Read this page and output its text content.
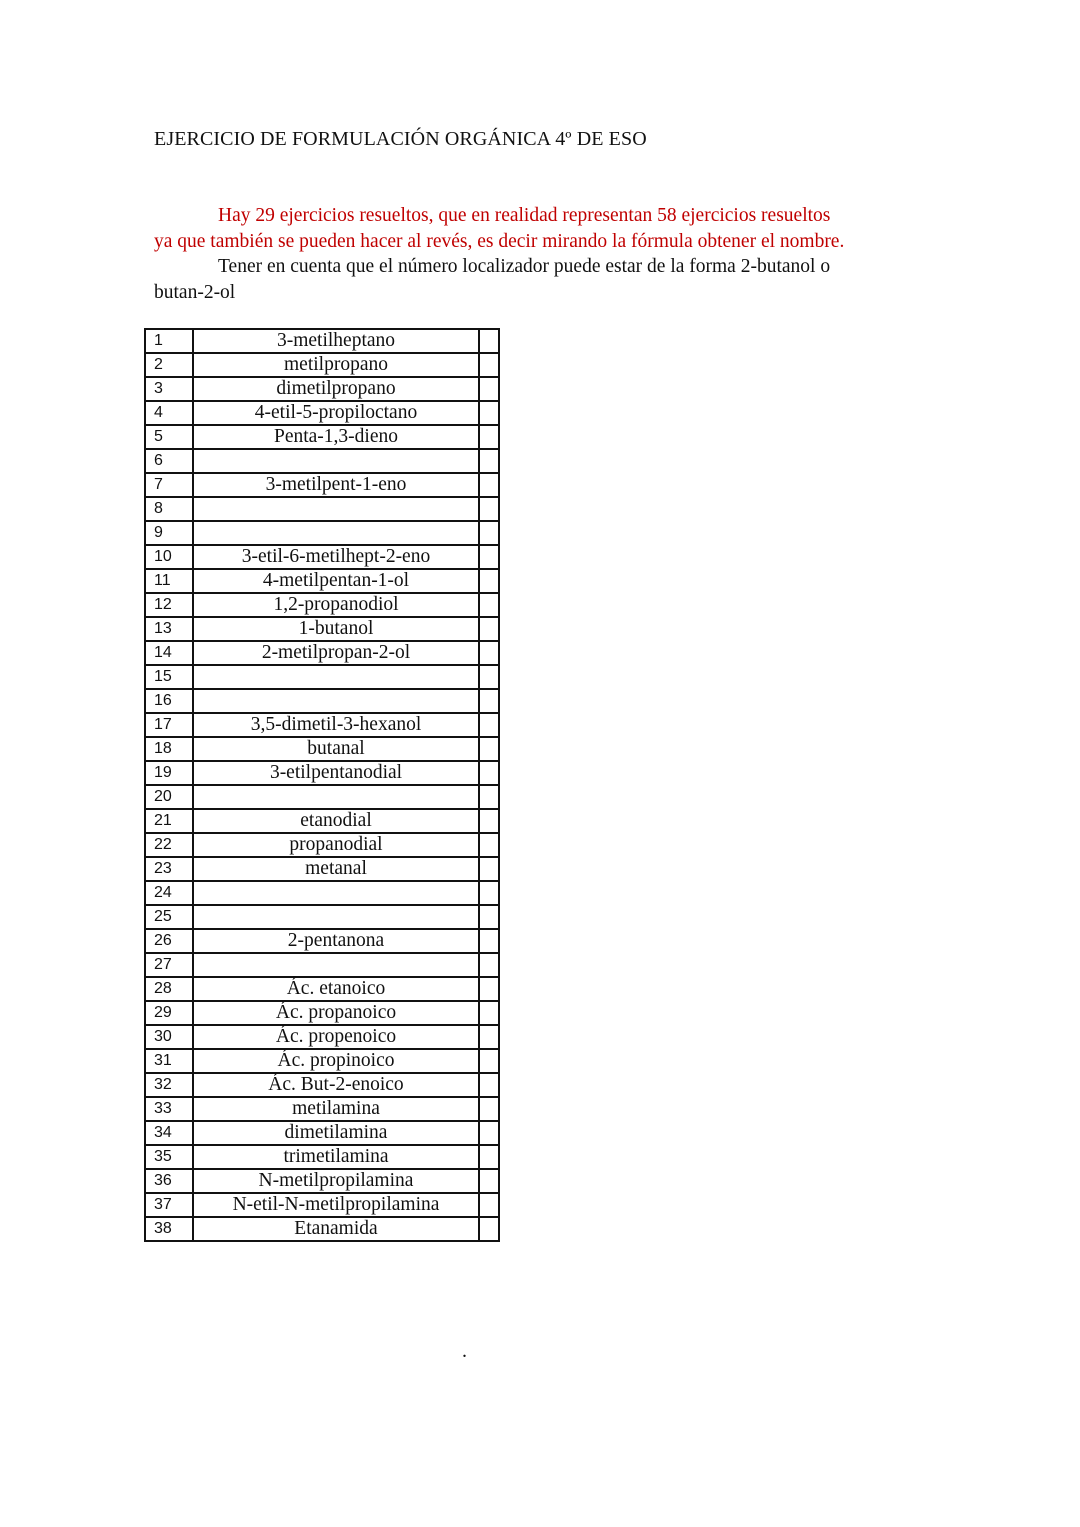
EJERCICIO DE FORMULACIÓN ORGÁNICA 4º DE ESO

Hay 29 ejercicios resueltos, que en realidad representan 58 ejercicios resueltos
ya que también se pueden hacer al revés, es decir mirando la fórmula obtener el nombre.

Tener en cuenta que el número localizador puede estar de la forma 2-butanol o
butan-2-ol

1	3-metilheptano	
2	metilpropano	
3	dimetilpropano	
4	4-etil-5-propiloctano	
5	Penta-1,3-dieno	
6		
7	3-metilpent-1-eno	
8		
9		
10	3-etil-6-metilhept-2-eno	
11	4-metilpentan-1-ol	
12	1,2-propanodiol	
13	1-butanol	
14	2-metilpropan-2-ol	
15		
16		
17	3,5-dimetil-3-hexanol	
18	butanal	
19	3-etilpentanodial	
20		
21	etanodial	
22	propanodial	
23	metanal	
24		
25		
26	2-pentanona	
27		
28	Ác. etanoico	
29	Ác. propanoico	
30	Ác. propenoico	
31	Ác. propinoico	
32	Ác. But-2-enoico	
33	metilamina	
34	dimetilamina	
35	trimetilamina	
36	N-metilpropilamina	
37	N-etil-N-metilpropilamina	
38	Etanamida	
.
